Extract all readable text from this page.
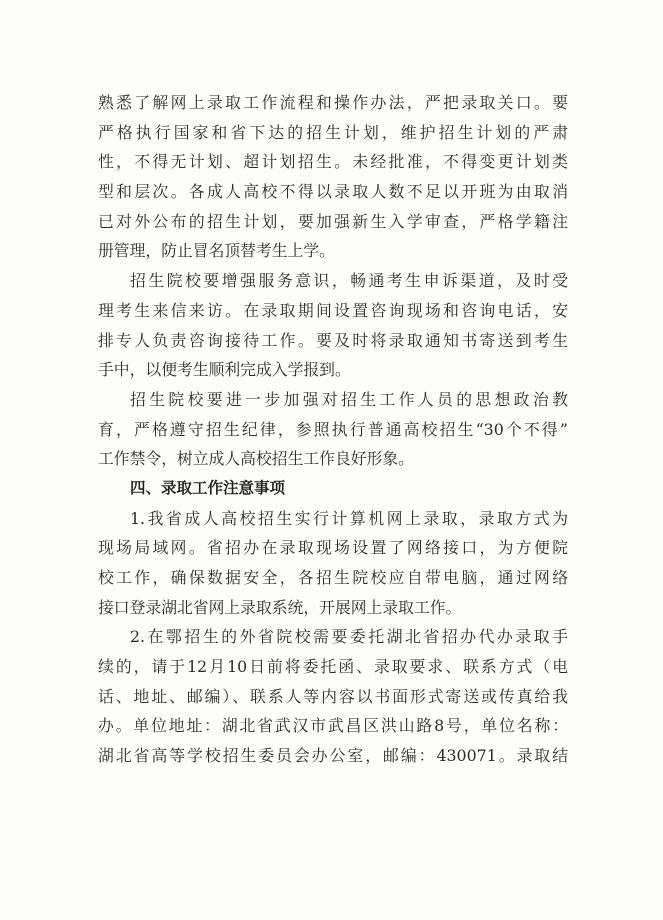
熟悉了解网上录取工作流程和操作办法，严把录取关口。要
严格执行国家和省下达的招生计划，维护招生计划的严肃
性，不得无计划、超计划招生。未经批准，不得变更计划类
型和层次。各成人高校不得以录取人数不足以开班为由取消
已对外公布的招生计划，要加强新生入学审查，严格学籍注
册管理，防止冒名顶替考生上学。
招生院校要增强服务意识，畅通考生申诉渠道，及时受
理考生来信来访。在录取期间设置咨询现场和咨询电话，安
排专人负责咨询接待工作。要及时将录取通知书寄送到考生
手中，以便考生顺利完成入学报到。
招生院校要进一步加强对招生工作人员的思想政治教
育，严格遵守招生纪律，参照执行普通高校招生“30个不得”
工作禁令，树立成人高校招生工作良好形象。
四、录取工作注意事项
1.我省成人高校招生实行计算机网上录取，录取方式为
现场局域网。省招办在录取现场设置了网络接口，为方便院
校工作，确保数据安全，各招生院校应自带电脑，通过网络
接口登录湖北省网上录取系统，开展网上录取工作。
2.在鄂招生的外省院校需要委托湖北省招办代办录取手
续的，请于12月10日前将委托函、录取要求、联系方式（电
话、地址、邮编）、联系人等内容以书面形式寄送或传真给我
办。单位地址：湖北省武汉市武昌区洪山路8号，单位名称：
湖北省高等学校招生委员会办公室，邮编：430071。录取结
